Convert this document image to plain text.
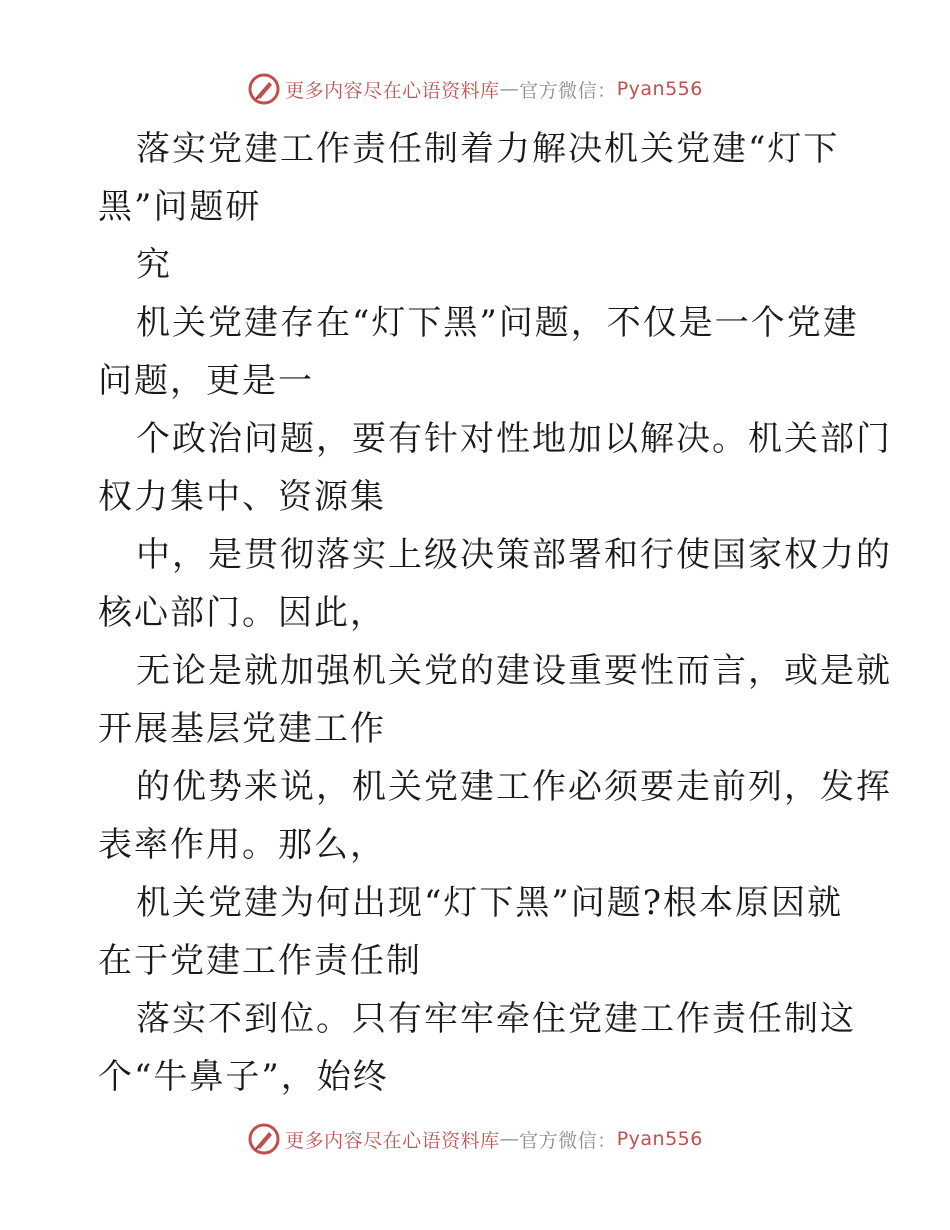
更多内容尽在心语资料库 — 官方微信： Pyan556
落实党建工作责任制着力解决机关党建“灯下
黑”问题研
究
机关党建存在“灯下黑”问题，不仅是一个党建
问题，更是一
个政治问题，要有针对性地加以解决。机关部门
权力集中、资源集
中，是贯彻落实上级决策部署和行使国家权力的
核心部门。因此，
无论是就加强机关党的建设重要性而言，或是就
开展基层党建工作
的优势来说，机关党建工作必须要走前列，发挥
表率作用。那么，
机关党建为何出现“灯下黑”问题?根本原因就
在于党建工作责任制
落实不到位。只有牢牢牵住党建工作责任制这
个“牛鼻子”，始终
更多内容尽在心语资料库 — 官方微信： Pyan556
